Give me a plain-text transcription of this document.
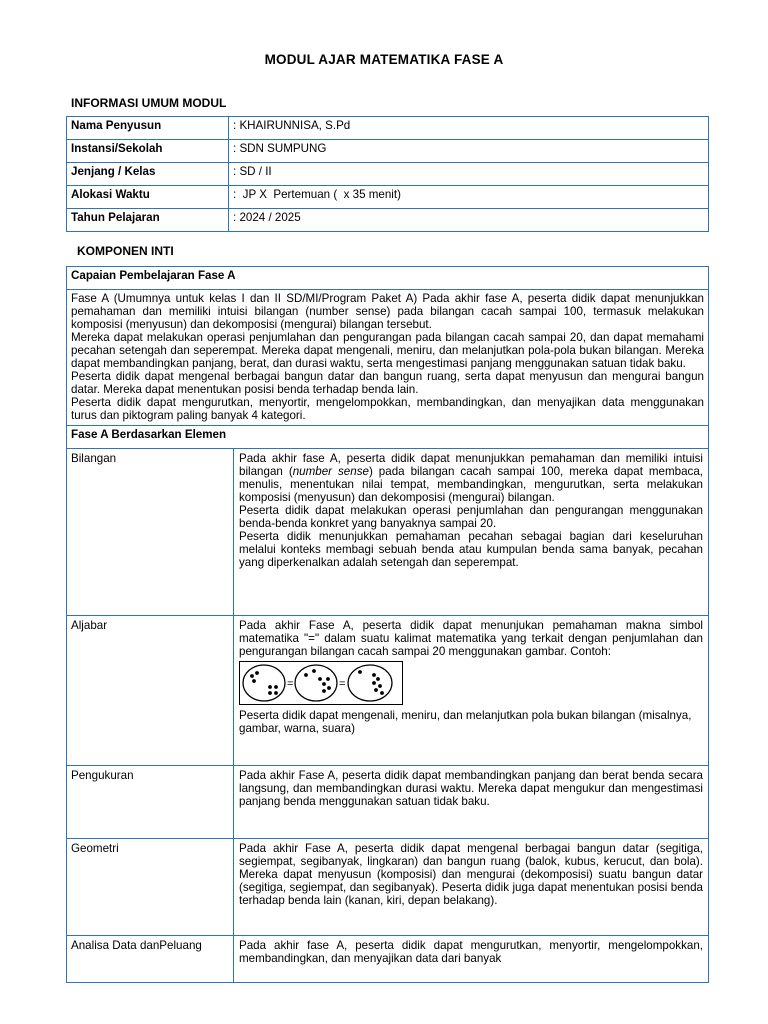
MODUL AJAR MATEMATIKA FASE A
INFORMASI UMUM MODUL
Nama Penyusun	: KHAIRUNNISA, S.Pd
Instansi/Sekolah	: SDN SUMPUNG
Jenjang / Kelas	: SD / II
Alokasi Waktu	:  JP X  Pertemuan (  x 35 menit)
Tahun Pelajaran	: 2024 / 2025
KOMPONEN INTI
Capaian Pembelajaran Fase A	

Fase A (Umumnya untuk kelas I dan II SD/MI/Program Paket A) Pada akhir fase A, peserta didik dapat menunjukkan pemahaman dan memiliki intuisi bilangan (number sense) pada bilangan cacah sampai 100, termasuk melakukan komposisi (menyusun) dan dekomposisi (mengurai) bilangan tersebut.

Mereka dapat melakukan operasi penjumlahan dan pengurangan pada bilangan cacah sampai 20, dan dapat memahami pecahan setengah dan seperempat. Mereka dapat mengenali, meniru, dan melanjutkan pola-pola bukan bilangan. Mereka dapat membandingkan panjang, berat, dan durasi waktu, serta mengestimasi panjang menggunakan satuan tidak baku.

Peserta didik dapat mengenal berbagai bangun datar dan bangun ruang, serta dapat menyusun dan mengurai bangun datar. Mereka dapat menentukan posisi benda terhadap benda lain.

Peserta didik dapat mengurutkan, menyortir, mengelompokkan, membandingkan, dan menyajikan data menggunakan turus dan piktogram paling banyak 4 kategori.	

Fase A Berdasarkan Elemen	
Bilangan	Pada akhir fase A, peserta didik dapat menunjukkan pemahaman dan memiliki intuisi bilangan (number sense) pada bilangan cacah sampai 100, mereka dapat membaca, menulis, menentukan nilai tempat, membandingkan, mengurutkan, serta melakukan komposisi (menyusun) dan dekomposisi (mengurai) bilangan.

Peserta didik dapat melakukan operasi penjumlahan dan pengurangan menggunakan benda-benda konkret yang banyaknya sampai 20.

Peserta didik menunjukkan pemahaman pecahan sebagai bagian dari keseluruhan melalui konteks membagi sebuah benda atau kumpulan benda sama banyak, pecahan yang diperkenalkan adalah setengah dan seperempat.

Aljabar	Pada akhir Fase A, peserta didik dapat menunjukan pemahaman makna simbol matematika "=" dalam suatu kalimat matematika yang terkait dengan penjumlahan dan pengurangan bilangan cacah sampai 20 menggunakan gambar. Contoh:

= =

Peserta didik dapat mengenali, meniru, dan melanjutkan pola bukan bilangan (misalnya, gambar, warna, suara)

Pengukuran	Pada akhir Fase A, peserta didik dapat membandingkan panjang dan berat benda secara langsung, dan membandingkan durasi waktu. Mereka dapat mengukur dan mengestimasi panjang benda menggunakan satuan tidak baku.

Geometri	Pada akhir Fase A, peserta didik dapat mengenal berbagai bangun datar (segitiga, segiempat, segibanyak, lingkaran) dan bangun ruang (balok, kubus, kerucut, dan bola). Mereka dapat menyusun (komposisi) dan mengurai (dekomposisi) suatu bangun datar (segitiga, segiempat, dan segibanyak). Peserta didik juga dapat menentukan posisi benda terhadap benda lain (kanan, kiri, depan belakang).

Analisa Data danPeluang	Pada akhir fase A, peserta didik dapat mengurutkan, menyortir, mengelompokkan, membandingkan, dan menyajikan data dari banyak
